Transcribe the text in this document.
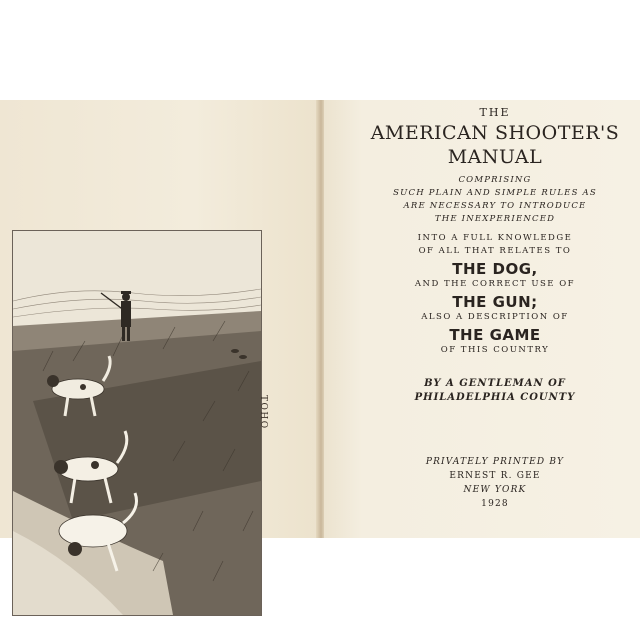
TOHO
THE
AMERICAN SHOOTER'S
MANUAL
COMPRISING
SUCH PLAIN AND SIMPLE RULES AS
ARE NECESSARY TO INTRODUCE
THE INEXPERIENCED
INTO A FULL KNOWLEDGE
OF ALL THAT RELATES TO
THE DOG,
AND THE CORRECT USE OF
THE GUN;
ALSO A DESCRIPTION OF
THE GAME
OF THIS COUNTRY
BY A GENTLEMAN OF
PHILADELPHIA COUNTY
PRIVATELY PRINTED BY
ERNEST R. GEE
NEW YORK
1928
